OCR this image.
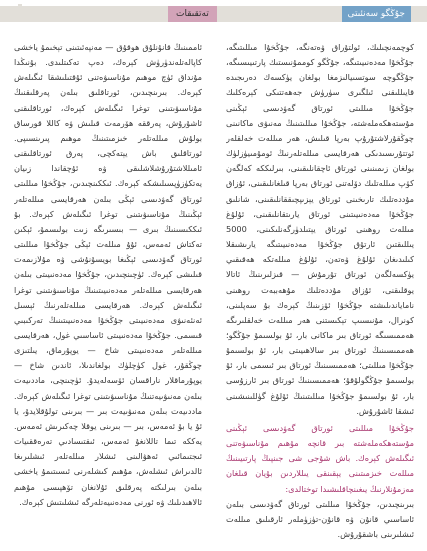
تەتقىقات	جۇڭگو سەنئىتى

كوچمەنچىلىك، ئولتۇراق ۋەتەنگە، جۇڭخۇا مىللىتىگە، جۇڭخۇا مەدەنىيىتىگە، جۇڭگو كوممۇنىستىك پارتىيىسىگە، جۇڭگوچە سوتسىيالىزمغا بولغان يۈكسەك دەرىجىدە قايىللىقنى ئىلگىرى سۈرۈش جەھەتتىكى كېرەكلىك جۇڭخۇا مىللىتى ئورتاق گەۋدىسى ئېڭىنى مۇستەھكەملەشتە، جۇڭخۇا مىللىتىنىڭ مەنىۋى ماكانىنى چوڭقۇرلاشتۇرۇپ بەرپا قىلىش، ھەر مىللەت خەلقلەر ئوتتۇرىسىدىكى ھەرقايسى مىللەتلەرنىڭ ئومۇمىيۈزلۈك بولغان زىمىنىنى ئورتاق ئاچقانلىقىنى، بىرلىككە كەلگەن كۆپ مىللەتلىك دۆلەتنى ئورتاق بەرپا قىلغانلىقىنى، ئۇزاق مۇددەتلىك تارىخىنى ئورتاق يېزىپچىققانلىقىنى، شانلىق جۇڭخۇا مەدەنىيىتىنى ئورتاق يارىتقانلىقىنى، ئۇلۇغ مىللەت روھىنى ئورتاق يېتىلدۈرگەنلىكىنى، 5000 يىللىقتىن ئارتۇق جۇڭخۇا مەدەنىيىتىگە يارىشىقلا كىلىدىغان ئۇلۇغ ۋەتەن، ئۇلۇغ مىللەتكە ھەقىقىي يۈكسەلگەن ئورتاق تۇرمۇش — قىزلىرىنىڭ ئاتالا يوقلىقنى، ئۇزاق مۇددەتلىك مۇھەببەت روھىنى ناماياندىلىشتە جۇڭخۇا ئۆزىنىڭ كېرەك بۇ سەپلىنى، كونرال، مۇنىسىپ تېكىستنى ھەر مىللەت خەلقلىرىگە ھەممىسىگە ئورتاق بىر ماكانى بار، ئۇ بولسىمۇ جۇڭگو؛ ھەممىسىنىڭ ئورتاق بىر سالاھىيىتى بار، ئۇ بولسىمۇ جۇڭخۇا مىللىتى؛ ھەممىسىنىڭ ئورتاق بىر ئىسمى بار، ئۇ بولسىمۇ جۇڭگولۇقۇ؛ ھەممىسىنىڭ ئورتاق بىر ئارزۇسى بار، ئۇ بولسىمۇ جۇڭخۇا مىللىتىنىڭ ئۇلۇغ گۈللىنىشىنى ئىشقا ئاشۇرۇش.

جۇڭخۇا مىللىتى ئورتاق گەۋدىسى ئېڭىنى مۇستەھكەملەشتە بىر قانچە مۇھىم مۇناسىۋەتنى ئىگىلەش كېرەك. باش شۇجى شى جىنپىڭ پارتىيىنىڭ مىللەت خىزمىتىنى يېقىنقى يىللاردىن بۇيان قىلغان مەزمۇنلارنىڭ يىغىنچاقلىشىدا توختالدى:

بىرىنچىدىن، جۇڭخۇا مىللىتى ئورتاق گەۋدىسى بىلەن ئاساسىي قانۇن ۋە قانۇن-تۈزۈملەر ئارقىلىق مىللەت ئىشلىرىنى باشقۇرۇش.

ئاممىنىڭ قانۇنلۇق ھوقۇق — مەنپەئىتىنى تېخىمۇ ياخشى كاپالەتلەندۈرۈش كېرەك، دەپ تەكىتلىدى. بۇنىڭدا مۇنداق ئۈچ موھىم مۇناسىۋەتنى ئۇقتىلىشقا ئىگىلەش كېرەك. بىرىنچىدىن، ئورتاقلىق بىلەن پەرقلىقنىڭ مۇناسىۋىتىنى توغرا ئىگىلەش كېرەك، ئورتاقلىقنى ئاشۇرۇش، پەرققە ھۆرمەت قىلىش ۋە كاللا قورساق بولۇش مىللەتلەر خىزمىتىنىڭ موھىم پىرىنسىپى. ئورتاقلىق باش يېتەكچى، پەرق ئورتاقلىقنى ئامىللاشتۇرۇشلاشلىقى ۋە ئۇچقاندا زىيان يەتكۈزۈپسىلىشكە كېرەك. ئىككىنچىدىن، جۇڭخۇا مىللىتى ئورتاق گەۋدىسى ئېڭى بىلەن ھەرقايسى مىللەتلەر ئېڭىنىڭ مۇناسىۋىتىنى توغرا ئىگىلەش كېرەك. بۇ ئىككىسىنىڭ بىرى — بىسىرىگە زىت بولىسمۇ، ئېكىن تەكتاش ئەمەس، ئۇۇ مىللەت ئېڭى جۇڭخۇا مىللىتى ئورتاق گەۋدىسى ئېڭىغا بويسۇنۇشى ۋە مۇلازىمەت قىلىشى كېرەك. ئۈچىنچىدىن، جۇڭخۇا مەدەنىيىتى بىلەن ھەرقايسى مىللەتلەر مەدەنىيىتىنىڭ مۇناسىۋىتىنى توغرا ئىگىلەش كېرەك. ھەرقايسى مىللەتلەرنىڭ ئېسىل ئەنئەنىۋى مەدەنىيىتى جۇڭخۇا مەدەنىيىتىنىڭ تەركىبىي قىسمى. جۇڭخۇا مەدەنىيىتى ئاساسىي غول، ھەرقايسى مىللەتلەر مەدەنىيىتى شاخ — يوپۇرماق، يىلتىزى چوڭقۇر، غول كۈچلۈك بولغاندىلا، ئاندىن شاخ — يوپۇرماقلار ناراقسان ئۆسەلەيدۇ. ئۈچىنچى، ماددىيەت بىلەن مەنىۋىيەتنىڭ مۇناسىۋىتىنى توغرا ئىگىلەش كېرەك. ماددىيەت بىلەن مەنىۋىيەت بىر — بىرىنى تولۇقلايدۇ، يا ئۇ يا بۇ ئەمەس، بىر — بىرىنى يوقلا چەكىرىش ئەمەس. يەككە تىما تاللانغۇ ئەمەس، ئىقتىسادىي تەرەققىيات ئىجتىمائىي ئەھۋالىنى ئىشلار مىللەتلەر ئىشلىرىغا ئالدىراش ئىشلەش، مۇھىم كىشلەرنى ئىسىتىمۇ ياخشى بىلەن بىرلىكتە پەرقلىق ئۇلانغان تۆھپىسى مۇھىم ئالاھىدىلىك ۋە ئورنى مەدەنىيەتلەرگە ئىشلىتىش كېرەك.
